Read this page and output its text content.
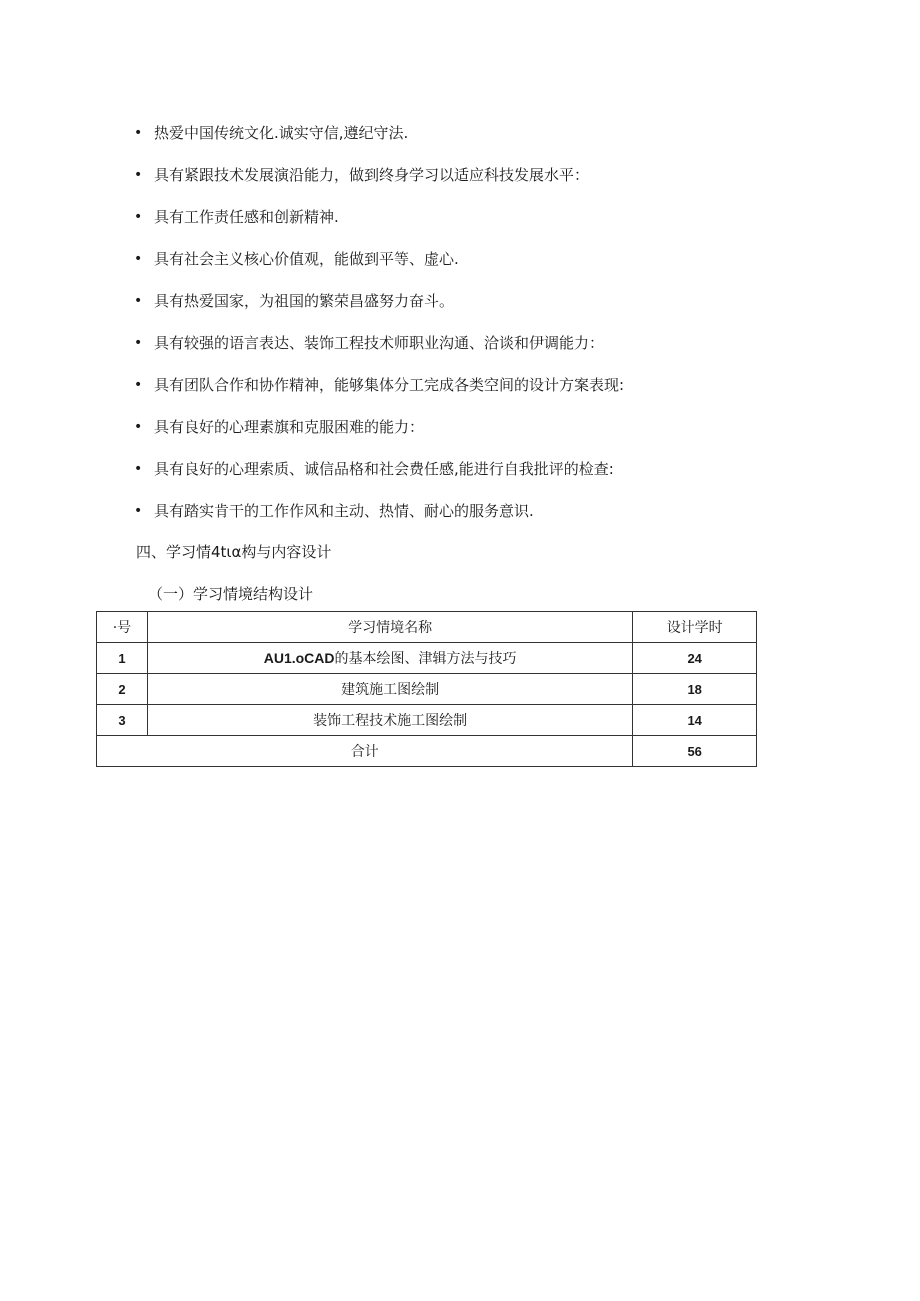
• 热爱中国传统文化.诚实守信,遵纪守法.
• 具有紧跟技术发展演沿能力，做到终身学习以适应科技发展水平：
• 具有工作责任感和创新精神.
• 具有社会主义核心价值观，能做到平等、虚心.
• 具有热爱国家，为祖国的繁荣昌盛努力奋斗。
• 具有较强的语言表达、装饰工程技术师职业沟通、洽谈和伊调能力：
• 具有团队合作和协作精神，能够集体分工完成各类空间的设计方案表现:
• 具有良好的心理素旗和克服困难的能力：
• 具有良好的心理索质、诚信品格和社会费任感,能进行自我批评的检查:
• 具有踏实肯干的工作作风和主动、热情、耐心的服务意识.
四、学习情4tια构与内容设计
（一）学习情境结构设计
·号	学习情境名称	设计学时
1	AU1.oCAD的基本绘图、津辑方法与技巧	24
2	建筑施工图绘制	18
3	装饰工程技术施工图绘制	14
合计		56
